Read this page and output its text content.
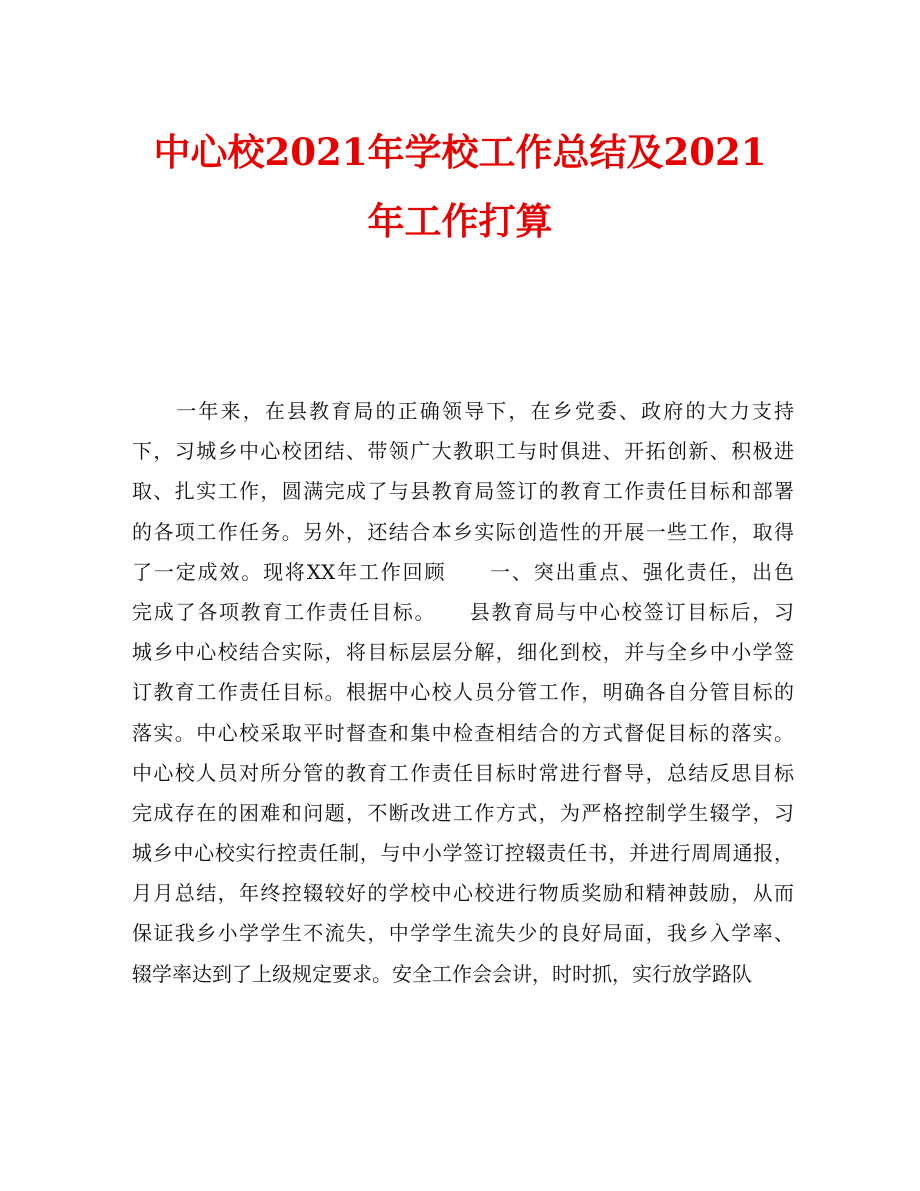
中心校2021年学校工作总结及2021
年工作打算
　　一年来，在县教育局的正确领导下，在乡党委、政府的大力支持
下，习城乡中心校团结、带领广大教职工与时俱进、开拓创新、积极进
取、扎实工作，圆满完成了与县教育局签订的教育工作责任目标和部署
的各项工作任务。另外，还结合本乡实际创造性的开展一些工作，取得
了一定成效。现将XX年工作回顾　　一、突出重点、强化责任，出色
完成了各项教育工作责任目标。　　县教育局与中心校签订目标后，习
城乡中心校结合实际，将目标层层分解，细化到校，并与全乡中小学签
订教育工作责任目标。根据中心校人员分管工作，明确各自分管目标的
落实。中心校采取平时督查和集中检查相结合的方式督促目标的落实。
中心校人员对所分管的教育工作责任目标时常进行督导，总结反思目标
完成存在的困难和问题，不断改进工作方式，为严格控制学生辍学，习
城乡中心校实行控责任制，与中小学签订控辍责任书，并进行周周通报，
月月总结，年终控辍较好的学校中心校进行物质奖励和精神鼓励，从而
保证我乡小学学生不流失，中学学生流失少的良好局面，我乡入学率、
辍学率达到了上级规定要求。安全工作会会讲，时时抓，实行放学路队
